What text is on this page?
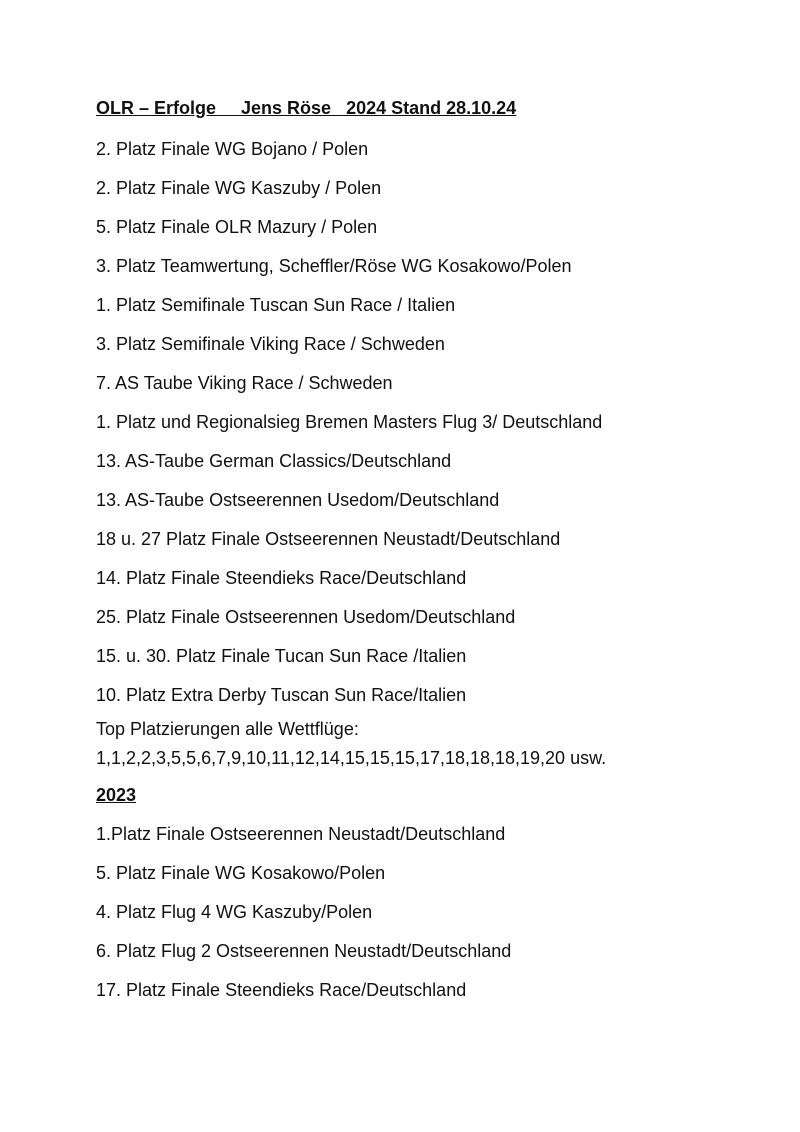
OLR – Erfolge     Jens Röse   2024 Stand 28.10.24
2. Platz Finale WG Bojano / Polen
2. Platz Finale WG Kaszuby / Polen
5. Platz Finale OLR Mazury / Polen
3. Platz Teamwertung, Scheffler/Röse WG Kosakowo/Polen
1. Platz Semifinale Tuscan Sun Race / Italien
3. Platz Semifinale Viking Race / Schweden
7. AS Taube Viking Race / Schweden
1. Platz und Regionalsieg Bremen Masters Flug 3/ Deutschland
13. AS-Taube German Classics/Deutschland
13. AS-Taube Ostseerennen Usedom/Deutschland
18 u. 27 Platz Finale Ostseerennen Neustadt/Deutschland
14. Platz Finale Steendieks Race/Deutschland
25. Platz Finale Ostseerennen Usedom/Deutschland
15. u. 30. Platz Finale Tucan Sun Race /Italien
10. Platz Extra Derby Tuscan Sun Race/Italien
Top Platzierungen alle Wettflüge:
1,1,2,2,3,5,5,6,7,9,10,11,12,14,15,15,15,17,18,18,18,19,20 usw.
2023
1.Platz Finale Ostseerennen Neustadt/Deutschland
5. Platz Finale WG Kosakowo/Polen
4. Platz Flug 4 WG Kaszuby/Polen
6. Platz Flug 2 Ostseerennen Neustadt/Deutschland
17. Platz Finale Steendieks Race/Deutschland
